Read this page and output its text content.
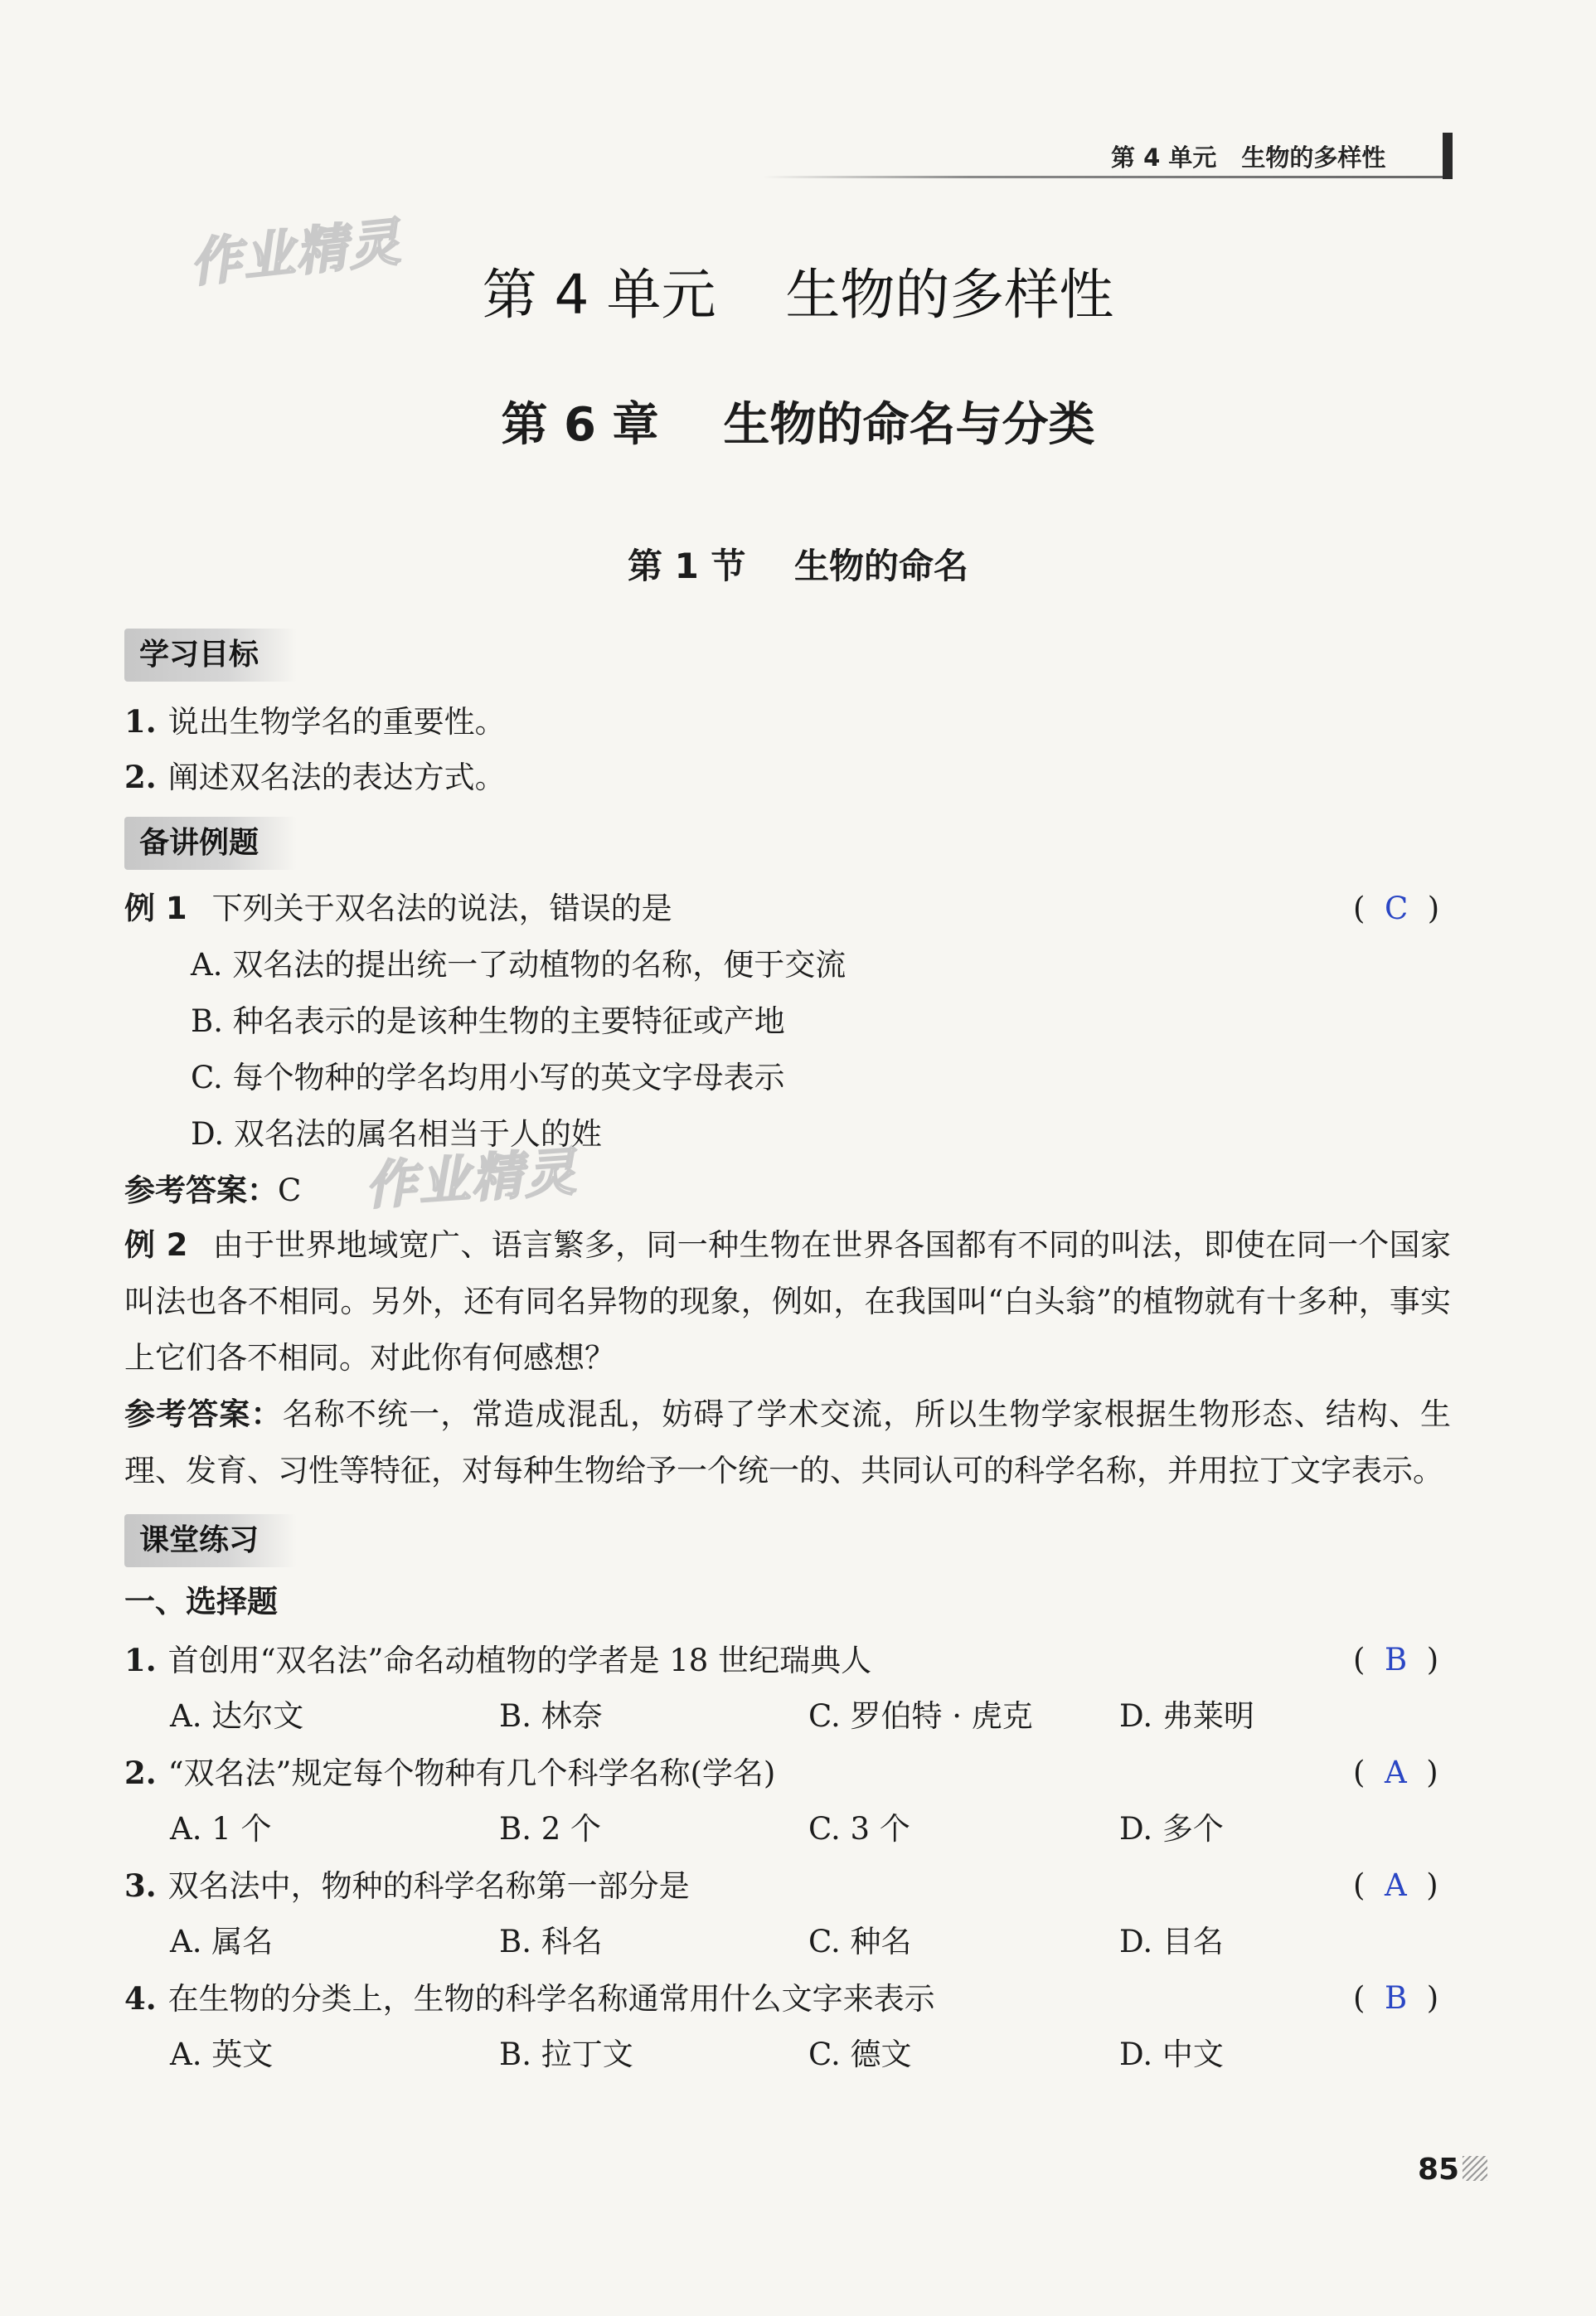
第 4 单元 生物的多样性
作业精灵
作业精灵
第 4 单元    生物的多样性
第 6 章    生物的命名与分类
第 1 节    生物的命名
学习目标
1. 说出生物学名的重要性。
2. 阐述双名法的表达方式。
备讲例题
例 1 下列关于双名法的说法，错误的是	(  C  )
A. 双名法的提出统一了动植物的名称，便于交流
B. 种名表示的是该种生物的主要特征或产地
C. 每个物种的学名均用小写的英文字母表示
D. 双名法的属名相当于人的姓
参考答案：C
例 2 由于世界地域宽广、语言繁多，同一种生物在世界各国都有不同的叫法，即使在同一个国家叫法也各不相同。另外，还有同名异物的现象，例如，在我国叫“白头翁”的植物就有十多种，事实上它们各不相同。对此你有何感想？
参考答案：名称不统一，常造成混乱，妨碍了学术交流，所以生物学家根据生物形态、结构、生理、发育、习性等特征，对每种生物给予一个统一的、共同认可的科学名称，并用拉丁文字表示。
课堂练习
一、选择题
1. 首创用“双名法”命名动植物的学者是 18 世纪瑞典人	(  B  )
A. 达尔文	B. 林奈	C. 罗伯特 · 虎克	D. 弗莱明
2. “双名法”规定每个物种有几个科学名称(学名)	(  A  )
A. 1 个	B. 2 个	C. 3 个	D. 多个
3. 双名法中，物种的科学名称第一部分是	(  A  )
A. 属名	B. 科名	C. 种名	D. 目名
4. 在生物的分类上，生物的科学名称通常用什么文字来表示	(  B  )
A. 英文	B. 拉丁文	C. 德文	D. 中文
85
